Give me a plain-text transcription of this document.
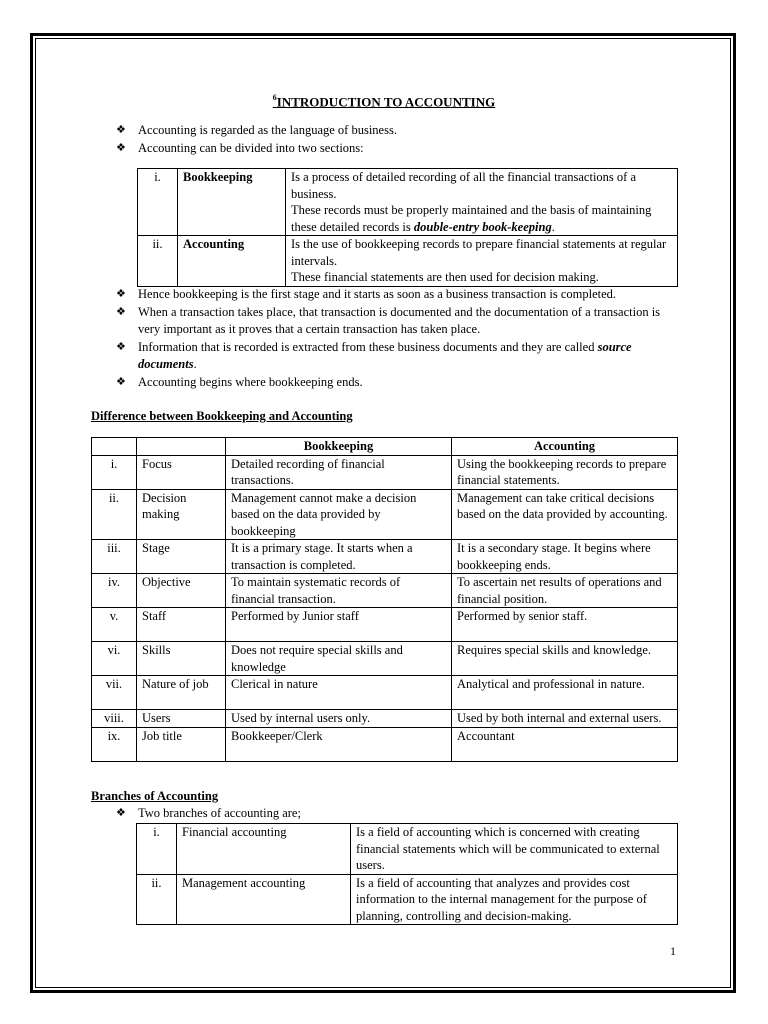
$^6$INTRODUCTION TO ACCOUNTING
❖ Accounting is regarded as the language of business.
❖ Accounting can be divided into two sections:
i.	Bookkeeping	Is a process of detailed recording of all the financial transactions of a business.
These records must be properly maintained and the basis of maintaining these detailed records is double-entry book-keeping.

ii.	Accounting	Is the use of bookkeeping records to prepare financial statements at regular intervals.
These financial statements are then used for decision making.
❖ Hence bookkeeping is the first stage and it starts as soon as a business transaction is completed.
❖ When a transaction takes place, that transaction is documented and the documentation of a transaction is very important as it proves that a certain transaction has taken place.
❖ Information that is recorded is extracted from these business documents and they are called source documents.
❖ Accounting begins where bookkeeping ends.
Difference between Bookkeeping and Accounting
		Bookkeeping	Accounting
i.	Focus	Detailed recording of financial transactions.	Using the bookkeeping records to prepare financial statements.
ii.	Decision making	Management cannot make a decision based on the data provided by bookkeeping	Management can take critical decisions based on the data provided by accounting.
iii.	Stage	It is a primary stage. It starts when a transaction is completed.	It is a secondary stage. It begins where bookkeeping ends.
iv.	Objective	To maintain systematic records of financial transaction.	To ascertain net results of operations and financial position.
v.	Staff	Performed by Junior staff	Performed by senior staff.
vi.	Skills	Does not require special skills and knowledge	Requires special skills and knowledge.
vii.	Nature of job	Clerical in nature	Analytical and professional in nature.
viii.	Users	Used by internal users only.	Used by both internal and external users.
ix.	Job title	Bookkeeper/Clerk	Accountant
Branches of Accounting
❖ Two branches of accounting are;
i.	Financial accounting	Is a field of accounting which is concerned with creating financial statements which will be communicated to external users.
ii.	Management accounting	Is a field of accounting that analyzes and provides cost information to the internal management for the purpose of planning, controlling and decision-making.
1
